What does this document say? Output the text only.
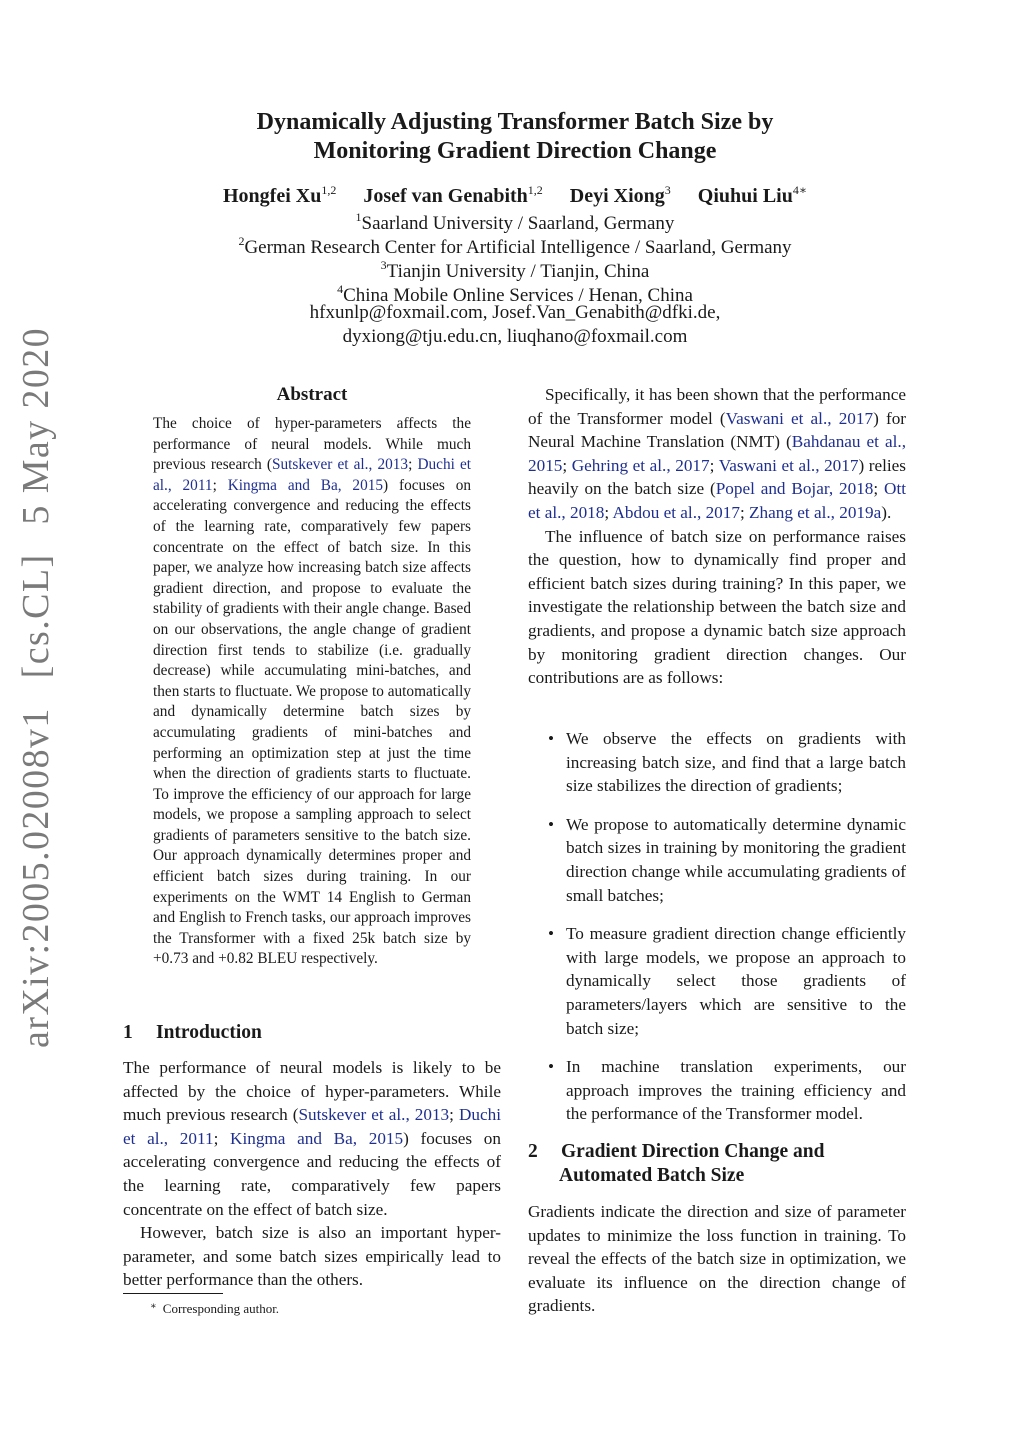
arXiv:2005.02008v1 [cs.CL] 5 May 2020
Dynamically Adjusting Transformer Batch Size by
Monitoring Gradient Direction Change
Hongfei Xu$^{1,2}$ Josef van Genabith$^{1,2}$ Deyi Xiong$^3$ Qiuhui Liu$^{4∗}$
$^1$Saarland University / Saarland, Germany
$^2$German Research Center for Artificial Intelligence / Saarland, Germany
$^3$Tianjin University / Tianjin, China
$^4$China Mobile Online Services / Henan, China
hfxunlp@foxmail.com, Josef.Van_Genabith@dfki.de,
dyxiong@tju.edu.cn, liuqhano@foxmail.com
Abstract

The choice of hyper-parameters affects the performance of neural models. While much previous research (Sutskever et al., 2013; Duchi et al., 2011; Kingma and Ba, 2015) focuses on accelerating convergence and reducing the effects of the learning rate, comparatively few papers concentrate on the effect of batch size. In this paper, we analyze how increasing batch size affects gradient direction, and propose to evaluate the stability of gradients with their angle change. Based on our observations, the angle change of gradient direction first tends to stabilize (i.e. gradually decrease) while accumulating mini-batches, and then starts to fluctuate. We propose to automatically and dynamically determine batch sizes by accumulating gradients of mini-batches and performing an optimization step at just the time when the direction of gradients starts to fluctuate. To improve the efficiency of our approach for large models, we propose a sampling approach to select gradients of parameters sensitive to the batch size. Our approach dynamically determines proper and efficient batch sizes during training. In our experiments on the WMT 14 English to German and English to French tasks, our approach improves the Transformer with a fixed 25k batch size by +0.73 and +0.82 BLEU respectively.

1 Introduction

The performance of neural models is likely to be affected by the choice of hyper-parameters. While much previous research (Sutskever et al., 2013; Duchi et al., 2011; Kingma and Ba, 2015) focuses on accelerating convergence and reducing the effects of the learning rate, comparatively few papers concentrate on the effect of batch size.

However, batch size is also an important hyper-parameter, and some batch sizes empirically lead to better performance than the others.

∗ Corresponding author.

Specifically, it has been shown that the performance of the Transformer model (Vaswani et al., 2017) for Neural Machine Translation (NMT) (Bahdanau et al., 2015; Gehring et al., 2017; Vaswani et al., 2017) relies heavily on the batch size (Popel and Bojar, 2018; Ott et al., 2018; Abdou et al., 2017; Zhang et al., 2019a).

The influence of batch size on performance raises the question, how to dynamically find proper and efficient batch sizes during training? In this paper, we investigate the relationship between the batch size and gradients, and propose a dynamic batch size approach by monitoring gradient direction changes. Our contributions are as follows:

• We observe the effects on gradients with increasing batch size, and find that a large batch size stabilizes the direction of gradients;
• We propose to automatically determine dynamic batch sizes in training by monitoring the gradient direction change while accumulating gradients of small batches;
• To measure gradient direction change efficiently with large models, we propose an approach to dynamically select those gradients of parameters/layers which are sensitive to the batch size;
• In machine translation experiments, our approach improves the training efficiency and the performance of the Transformer model.
2 Gradient Direction Change and
Automated Batch Size

Gradients indicate the direction and size of parameter updates to minimize the loss function in training. To reveal the effects of the batch size in optimization, we evaluate its influence on the direction change of gradients.
